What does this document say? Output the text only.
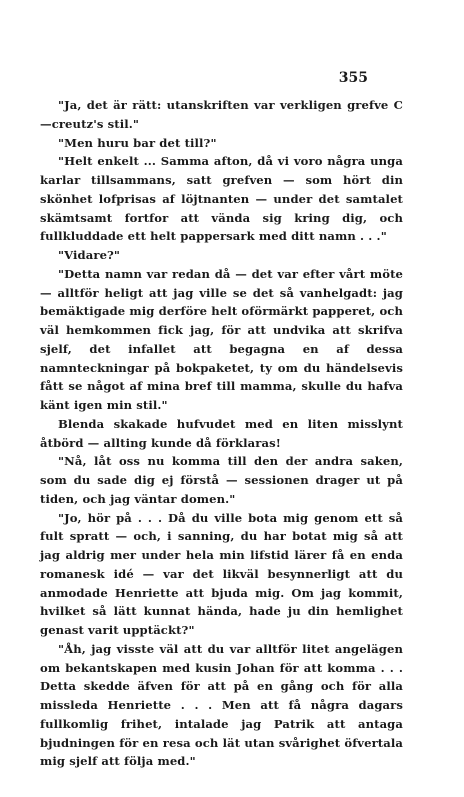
355

"Ja, det är rätt: utanskriften var verkligen grefve C—creutz's stil."

"Men huru bar det till?"

"Helt enkelt ... Samma afton, då vi voro några unga karlar tillsammans, satt grefven — som hört din skönhet lofprisas af löjtnanten — under det samtalet skämtsamt fortfor att vända sig kring dig, och fullkluddade ett helt pappersark med ditt namn . . ."

"Vidare?"

"Detta namn var redan då — det var efter vårt möte — alltför heligt att jag ville se det så vanhelgadt: jag bemäktigade mig derföre helt oförmärkt papperet, och väl hemkommen fick jag, för att undvika att skrifva sjelf, det infallet att begagna en af dessa namnteckningar på bokpaketet, ty om du händelsevis fått se något af mina bref till mamma, skulle du hafva känt igen min stil."

Blenda skakade hufvudet med en liten misslynt åtbörd — allting kunde då förklaras!

"Nå, låt oss nu komma till den der andra saken, som du sade dig ej förstå — sessionen drager ut på tiden, och jag väntar domen."

"Jo, hör på . . . Då du ville bota mig genom ett så fult spratt — och, i sanning, du har botat mig så att jag aldrig mer under hela min lifstid lärer få en enda romanesk idé — var det likväl besynnerligt att du anmodade Henriette att bjuda mig. Om jag kommit, hvilket så lätt kunnat hända, hade ju din hemlighet genast varit upptäckt?"

"Åh, jag visste väl att du var alltför litet angelägen om bekantskapen med kusin Johan för att komma . . . Detta skedde äfven för att på en gång och för alla missleda Henriette . . . Men att få några dagars fullkomlig frihet, intalade jag Patrik att antaga bjudningen för en resa och lät utan svårighet öfvertala mig sjelf att följa med."
